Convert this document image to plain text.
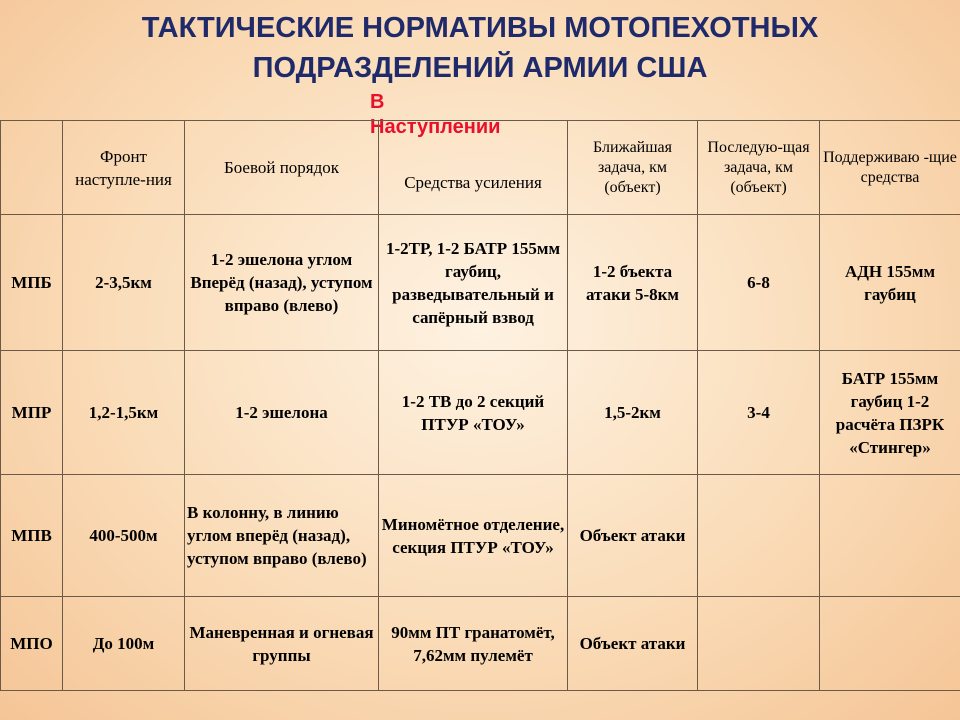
ТАКТИЧЕСКИЕ НОРМАТИВЫ МОТОПЕХОТНЫХ
ПОДРАЗДЕЛЕНИЙ АРМИИ США
В
Наступлении
	Фронт наступле-ния	Боевой порядок	Средства усиления	Ближайшая задача, км (объект)	Последую-щая задача, км (объект)	Поддерживаю -щие средства
МПБ	2-3,5км	1-2 эшелона углом Вперёд (назад), уступом вправо (влево)	1-2ТР, 1-2 БАТР 155мм гаубиц, разведывательный и сапёрный взвод	1-2 бъекта атаки 5-8км	6-8	АДН 155мм гаубиц
МПР	1,2-1,5км	1-2 эшелона	1-2 ТВ до 2 секций ПТУР «ТОУ»	1,5-2км	3-4	БАТР 155мм гаубиц 1-2 расчёта ПЗРК «Стингер»
МПВ	400-500м	В колонну, в линию углом вперёд (назад), уступом вправо (влево)	Миномётное отделение, секция ПТУР «ТОУ»	Объект атаки		
МПО	До 100м	Маневренная и огневая группы	90мм ПТ гранатомёт, 7,62мм пулемёт	Объект атаки		
